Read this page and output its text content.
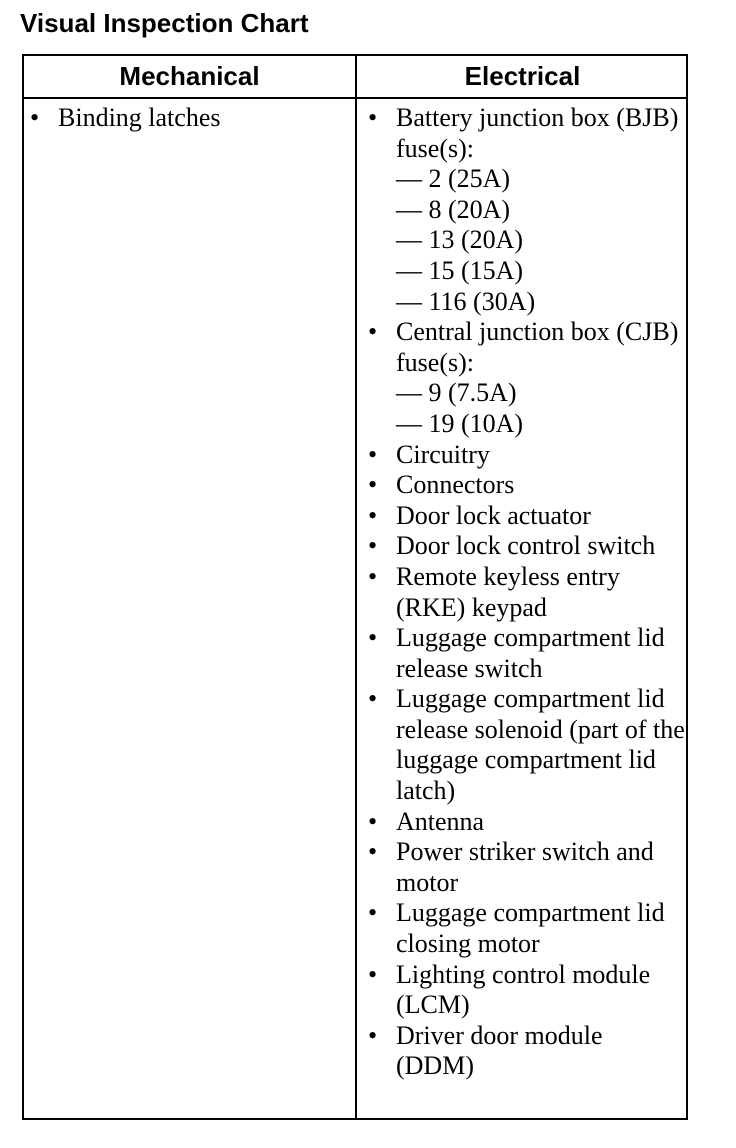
Visual Inspection Chart
Mechanical	Electrical
• Binding latches	• Battery junction box (BJB) fuse(s):
— 2 (25A)
— 8 (20A)
— 13 (20A)
— 15 (15A)
— 116 (30A)
• Central junction box (CJB) fuse(s):
— 9 (7.5A)
— 19 (10A)
• Circuitry
• Connectors
• Door lock actuator
• Door lock control switch
• Remote keyless entry (RKE) keypad
• Luggage compartment lid release switch
• Luggage compartment lid release solenoid (part of the luggage compartment lid latch)
• Antenna
• Power striker switch and motor
• Luggage compartment lid closing motor
• Lighting control module (LCM)
• Driver door module (DDM)
